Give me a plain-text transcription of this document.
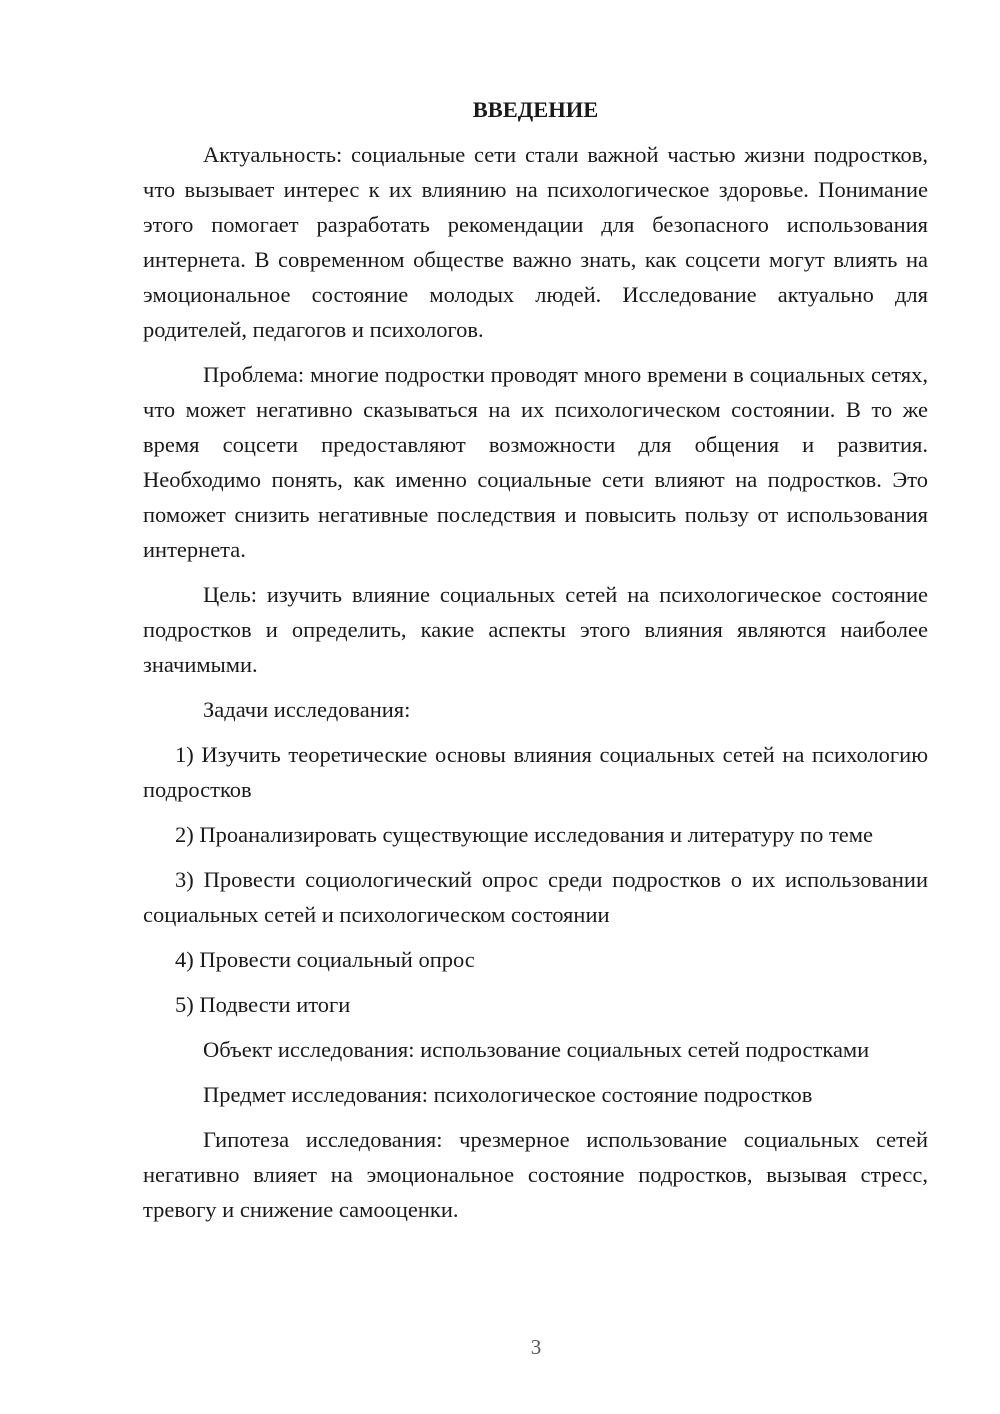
ВВЕДЕНИЕ

Актуальность: социальные сети стали важной частью жизни подростков, что вызывает интерес к их влиянию на психологическое здоровье. Понимание этого помогает разработать рекомендации для безопасного использования интернета. В современном обществе важно знать, как соцсети могут влиять на эмоциональное состояние молодых людей. Исследование актуально для родителей, педагогов и психологов.

Проблема: многие подростки проводят много времени в социальных сетях, что может негативно сказываться на их психологическом состоянии. В то же время соцсети предоставляют возможности для общения и развития. Необходимо понять, как именно социальные сети влияют на подростков. Это поможет снизить негативные последствия и повысить пользу от использования интернета.

Цель: изучить влияние социальных сетей на психологическое состояние подростков и определить, какие аспекты этого влияния являются наиболее значимыми.

Задачи исследования:

1) Изучить теоретические основы влияния социальных сетей на психологию подростков

2) Проанализировать существующие исследования и литературу по теме

3) Провести социологический опрос среди подростков о их использовании социальных сетей и психологическом состоянии

4) Провести социальный опрос

5) Подвести итоги

Объект исследования: использование социальных сетей подростками

Предмет исследования: психологическое состояние подростков

Гипотеза исследования: чрезмерное использование социальных сетей негативно влияет на эмоциональное состояние подростков, вызывая стресс, тревогу и снижение самооценки.

3
